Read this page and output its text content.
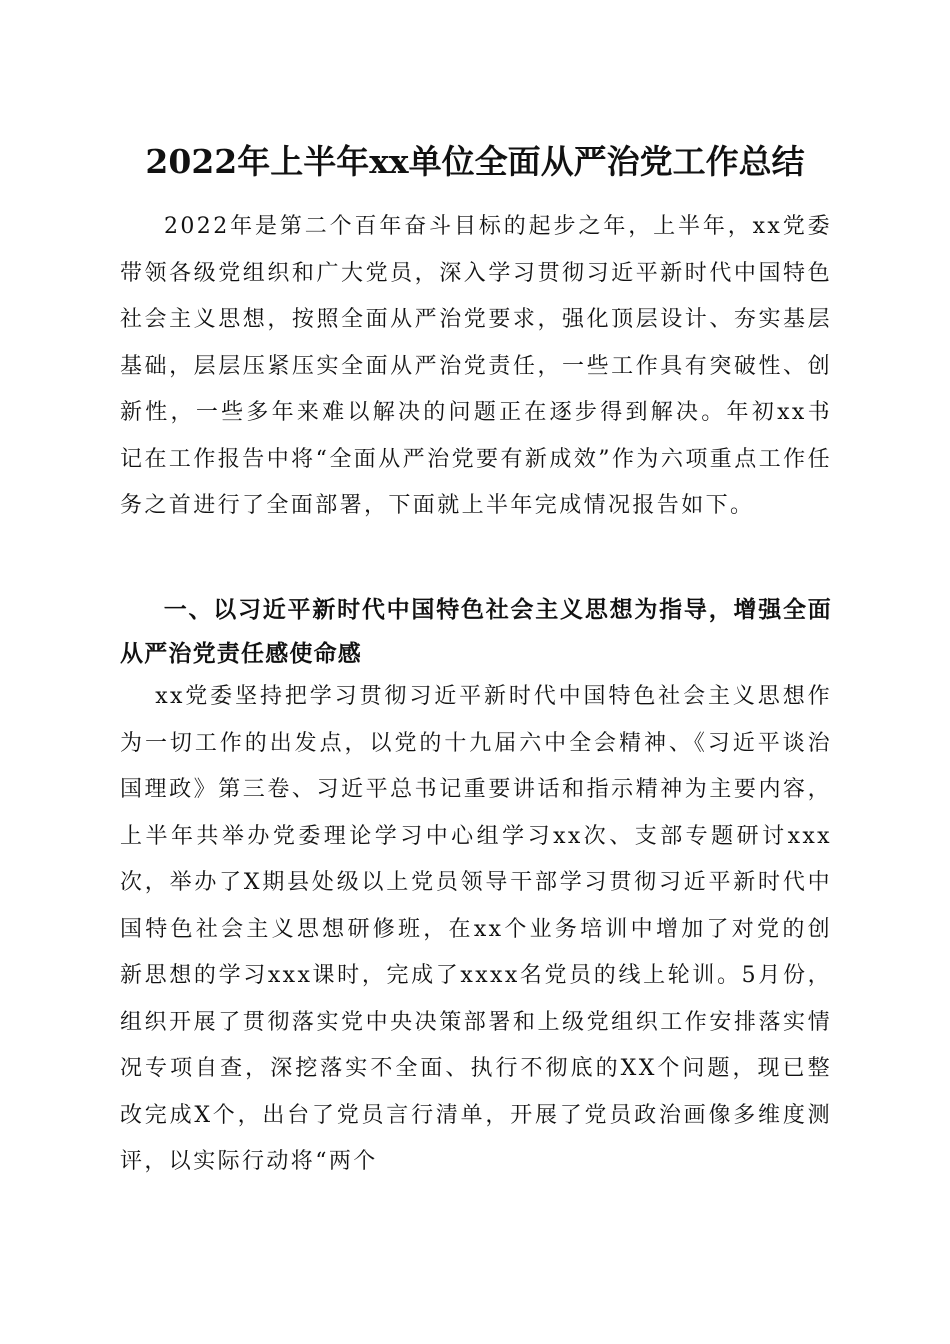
2022年上半年xx单位全面从严治党工作总结

2022年是第二个百年奋斗目标的起步之年，上半年，xx党委带领各级党组织和广大党员，深入学习贯彻习近平新时代中国特色社会主义思想，按照全面从严治党要求，强化顶层设计、夯实基层基础，层层压紧压实全面从严治党责任，一些工作具有突破性、创新性，一些多年来难以解决的问题正在逐步得到解决。年初xx书记在工作报告中将“全面从严治党要有新成效”作为六项重点工作任务之首进行了全面部署，下面就上半年完成情况报告如下。

一、以习近平新时代中国特色社会主义思想为指导，增强全面从严治党责任感使命感

xx党委坚持把学习贯彻习近平新时代中国特色社会主义思想作为一切工作的出发点，以党的十九届六中全会精神、《习近平谈治国理政》第三卷、习近平总书记重要讲话和指示精神为主要内容，上半年共举办党委理论学习中心组学习xx次、支部专题研讨xxx次，举办了X期县处级以上党员领导干部学习贯彻习近平新时代中国特色社会主义思想研修班，在xx个业务培训中增加了对党的创新思想的学习xxx课时，完成了xxxx名党员的线上轮训。5月份，组织开展了贯彻落实党中央决策部署和上级党组织工作安排落实情况专项自查，深挖落实不全面、执行不彻底的XX个问题，现已整改完成X个，出台了党员言行清单，开展了党员政治画像多维度测评，以实际行动将“两个
